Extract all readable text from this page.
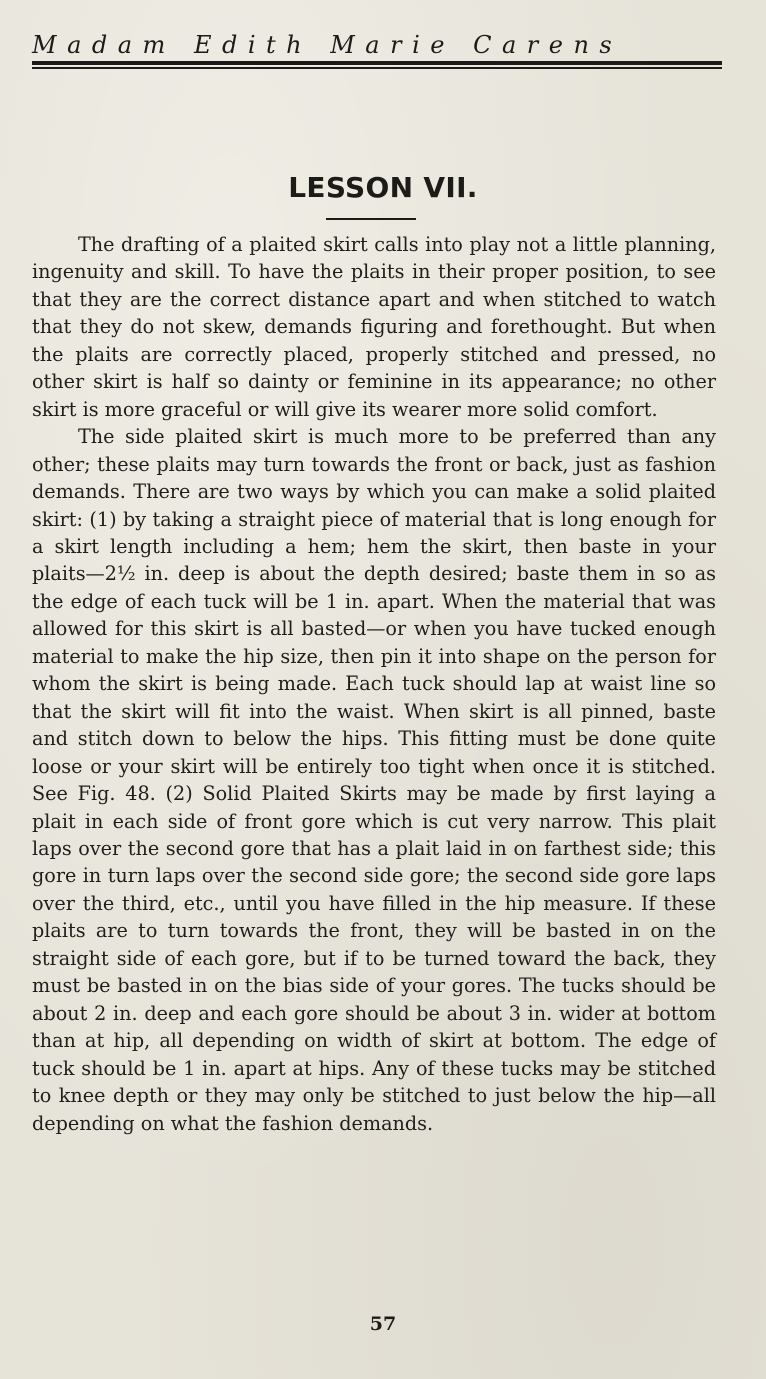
Madam Edith Marie Carens
LESSON VII.

The drafting of a plaited skirt calls into play not a little planning, ingenuity and skill. To have the plaits in their proper position, to see that they are the correct distance apart and when stitched to watch that they do not skew, demands figuring and forethought. But when the plaits are correctly placed, properly stitched and pressed, no other skirt is half so dainty or feminine in its appearance; no other skirt is more graceful or will give its wearer more solid comfort.

The side plaited skirt is much more to be preferred than any other; these plaits may turn towards the front or back, just as fashion demands. There are two ways by which you can make a solid plaited skirt: (1) by taking a straight piece of material that is long enough for a skirt length including a hem; hem the skirt, then baste in your plaits—2½ in. deep is about the depth desired; baste them in so as the edge of each tuck will be 1 in. apart. When the material that was allowed for this skirt is all basted—or when you have tucked enough material to make the hip size, then pin it into shape on the person for whom the skirt is being made. Each tuck should lap at waist line so that the skirt will fit into the waist. When skirt is all pinned, baste and stitch down to below the hips. This fitting must be done quite loose or your skirt will be entirely too tight when once it is stitched. See Fig. 48. (2) Solid Plaited Skirts may be made by first laying a plait in each side of front gore which is cut very narrow. This plait laps over the second gore that has a plait laid in on farthest side; this gore in turn laps over the second side gore; the second side gore laps over the third, etc., until you have filled in the hip measure. If these plaits are to turn towards the front, they will be basted in on the straight side of each gore, but if to be turned toward the back, they must be basted in on the bias side of your gores. The tucks should be about 2 in. deep and each gore should be about 3 in. wider at bottom than at hip, all depending on width of skirt at bottom. The edge of tuck should be 1 in. apart at hips. Any of these tucks may be stitched to knee depth or they may only be stitched to just below the hip—all depending on what the fashion demands.

57
